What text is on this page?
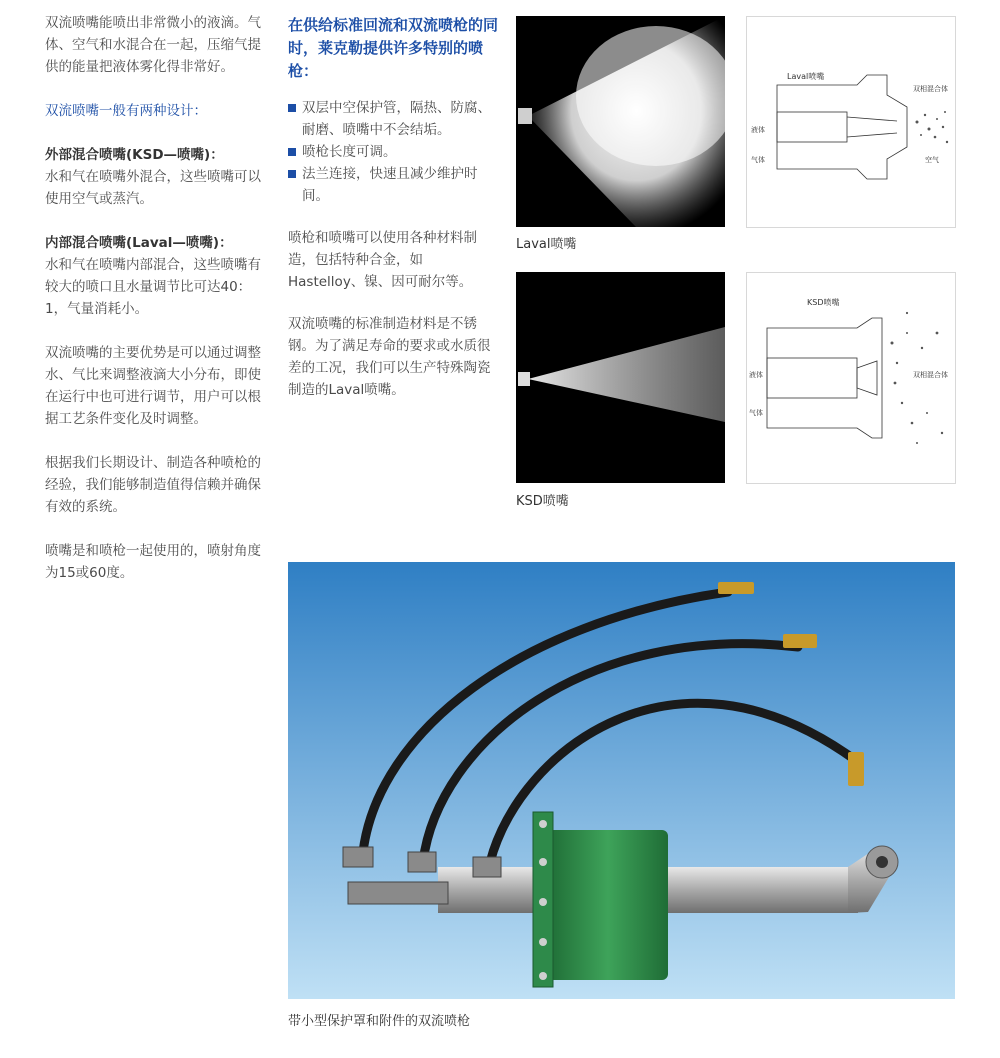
双流喷嘴能喷出非常微小的液滴。气体、空气和水混合在一起，压缩气提供的能量把液体雾化得非常好。

双流喷嘴一般有两种设计：

外部混合喷嘴(KSD—喷嘴)：

水和气在喷嘴外混合，这些喷嘴可以使用空气或蒸汽。

内部混合喷嘴(Laval—喷嘴)：

水和气在喷嘴内部混合，这些喷嘴有较大的喷口且水量调节比可达40：1，气量消耗小。

双流喷嘴的主要优势是可以通过调整水、气比来调整液滴大小分布，即使在运行中也可进行调节，用户可以根据工艺条件变化及时调整。

根据我们长期设计、制造各种喷枪的经验，我们能够制造值得信赖并确保有效的系统。

喷嘴是和喷枪一起使用的，喷射角度为15或60度。

在供给标准回流和双流喷枪的同时，莱克勒提供许多特别的喷枪：
双层中空保护管，隔热、防腐、耐磨、喷嘴中不会结垢。
喷枪长度可调。
法兰连接，快速且减少维护时间。

喷枪和喷嘴可以使用各种材料制造，包括特种合金，如Hastelloy、镍、因可耐尔等。

双流喷嘴的标准制造材料是不锈钢。为了满足寿命的要求或水质很差的工况，我们可以生产特殊陶瓷制造的Laval喷嘴。

Laval喷嘴
Laval喷嘴
双相混合体
液体
气体	空气
KSD喷嘴
KSD喷嘴
液体
气体
双相混合体
带小型保护罩和附件的双流喷枪
